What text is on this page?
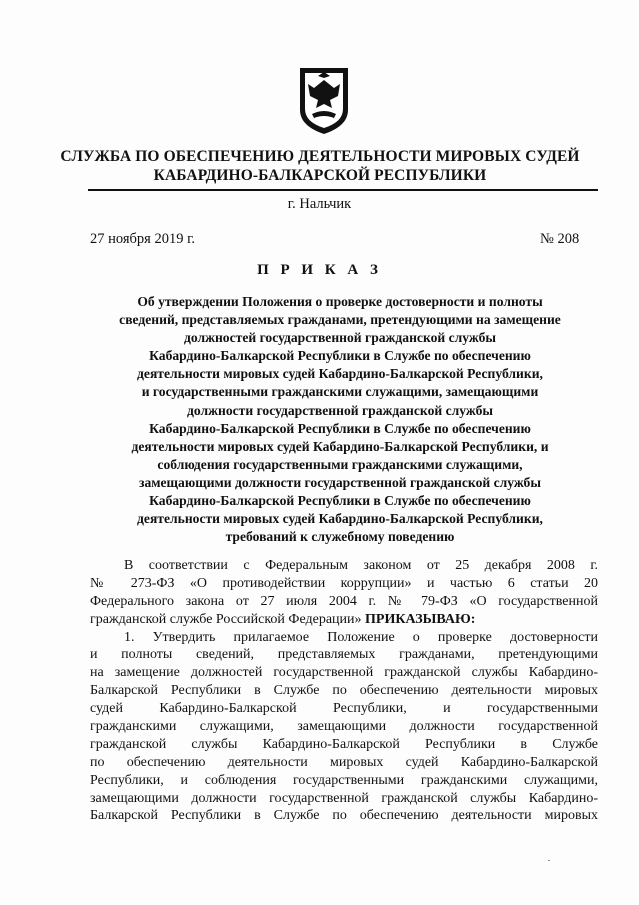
СЛУЖБА ПО ОБЕСПЕЧЕНИЮ ДЕЯТЕЛЬНОСТИ МИРОВЫХ СУДЕЙ
КАБАРДИНО-БАЛКАРСКОЙ РЕСПУБЛИКИ
г. Нальчик
27 ноября 2019 г.	№ 208
П Р И К А З
Об утверждении Положения о проверке достоверности и полноты
сведений, представляемых гражданами, претендующими на замещение
должностей государственной гражданской службы
Кабардино-Балкарской Республики в Службе по обеспечению
деятельности мировых судей Кабардино-Балкарской Республики,
и государственными гражданскими служащими, замещающими
должности государственной гражданской службы
Кабардино-Балкарской Республики в Службе по обеспечению
деятельности мировых судей Кабардино-Балкарской Республики, и
соблюдения государственными гражданскими служащими,
замещающими должности государственной гражданской службы
Кабардино-Балкарской Республики в Службе по обеспечению
деятельности мировых судей Кабардино-Балкарской Республики,
требований к служебному поведению
В соответствии с Федеральным законом от 25 декабря 2008 г.
№ 273-ФЗ «О противодействии коррупции» и частью 6 статьи 20
Федерального закона от 27 июля 2004 г. № 79-ФЗ «О государственной
гражданской службе Российской Федерации» ПРИКАЗЫВАЮ:
1. Утвердить прилагаемое Положение о проверке достоверности
и полноты сведений, представляемых гражданами, претендующими
на замещение должностей государственной гражданской службы Кабардино-
Балкарской Республики в Службе по обеспечению деятельности мировых
судей Кабардино-Балкарской Республики, и государственными
гражданскими служащими, замещающими должности государственной
гражданской службы Кабардино-Балкарской Республики в Службе
по обеспечению деятельности мировых судей Кабардино-Балкарской
Республики, и соблюдения государственными гражданскими служащими,
замещающими должности государственной гражданской службы Кабардино-
Балкарской Республики в Службе по обеспечению деятельности мировых
